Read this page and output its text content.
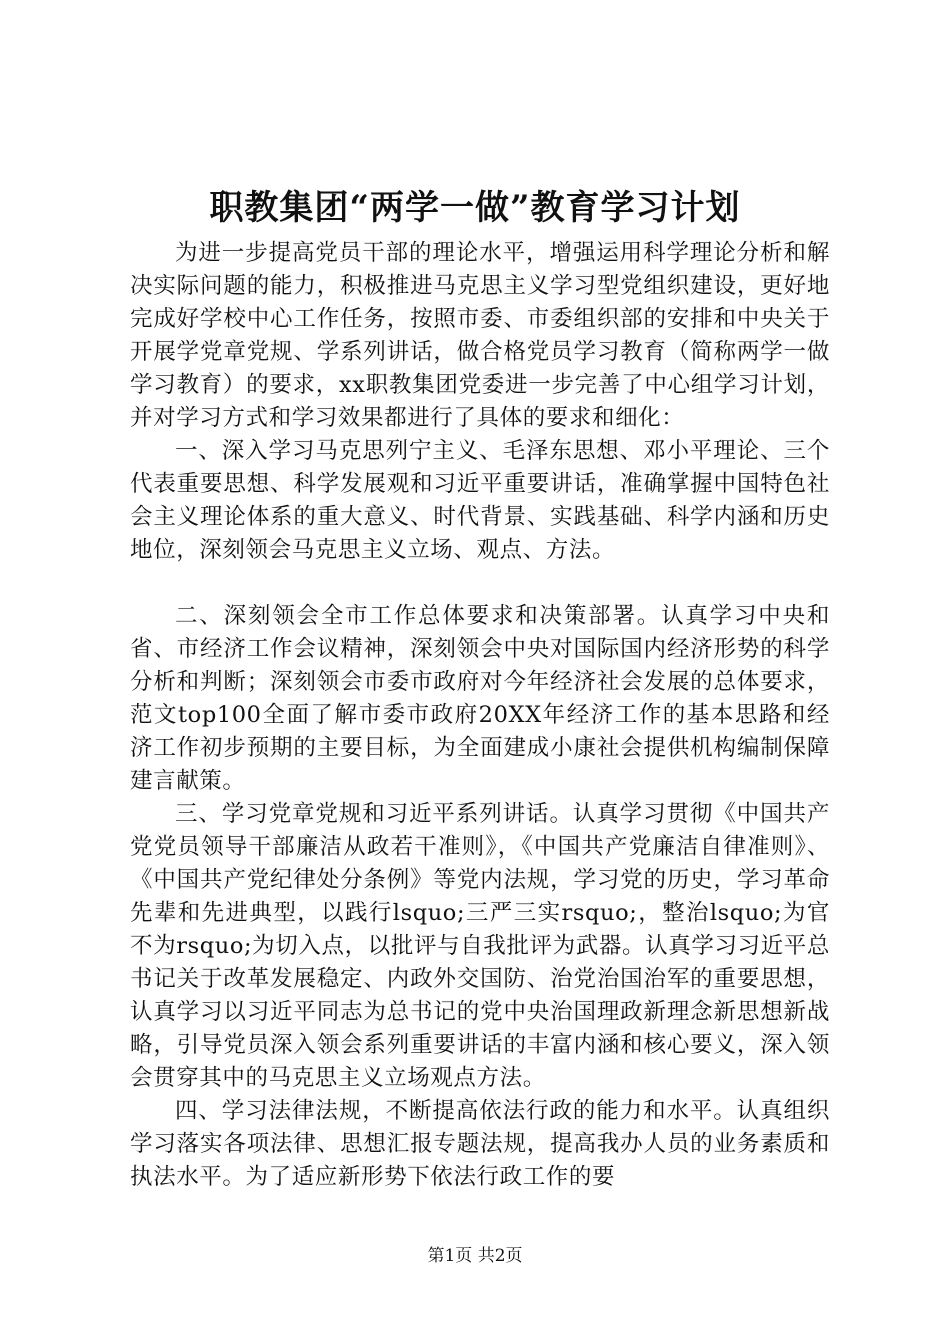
职教集团“两学一做”教育学习计划

为进一步提高党员干部的理论水平，增强运用科学理论分析和解决实际问题的能力，积极推进马克思主义学习型党组织建设，更好地完成好学校中心工作任务，按照市委、市委组织部的安排和中央关于开展学党章党规、学系列讲话，做合格党员学习教育（简称两学一做学习教育）的要求，xx职教集团党委进一步完善了中心组学习计划，并对学习方式和学习效果都进行了具体的要求和细化：

一、深入学习马克思列宁主义、毛泽东思想、邓小平理论、三个代表重要思想、科学发展观和习近平重要讲话，准确掌握中国特色社会主义理论体系的重大意义、时代背景、实践基础、科学内涵和历史地位，深刻领会马克思主义立场、观点、方法。

二、深刻领会全市工作总体要求和决策部署。认真学习中央和省、市经济工作会议精神，深刻领会中央对国际国内经济形势的科学分析和判断；深刻领会市委市政府对今年经济社会发展的总体要求，范文top100全面了解市委市政府20XX年经济工作的基本思路和经济工作初步预期的主要目标，为全面建成小康社会提供机构编制保障建言献策。

三、学习党章党规和习近平系列讲话。认真学习贯彻《中国共产党党员领导干部廉洁从政若干准则》，《中国共产党廉洁自律准则》、《中国共产党纪律处分条例》等党内法规，学习党的历史，学习革命先辈和先进典型，以践行lsquo;三严三实rsquo;，整治lsquo;为官不为rsquo;为切入点，以批评与自我批评为武器。认真学习习近平总书记关于改革发展稳定、内政外交国防、治党治国治军的重要思想，认真学习以习近平同志为总书记的党中央治国理政新理念新思想新战略，引导党员深入领会系列重要讲话的丰富内涵和核心要义，深入领会贯穿其中的马克思主义立场观点方法。

四、学习法律法规，不断提高依法行政的能力和水平。认真组织学习落实各项法律、思想汇报专题法规，提高我办人员的业务素质和执法水平。为了适应新形势下依法行政工作的要

第1页 共2页
